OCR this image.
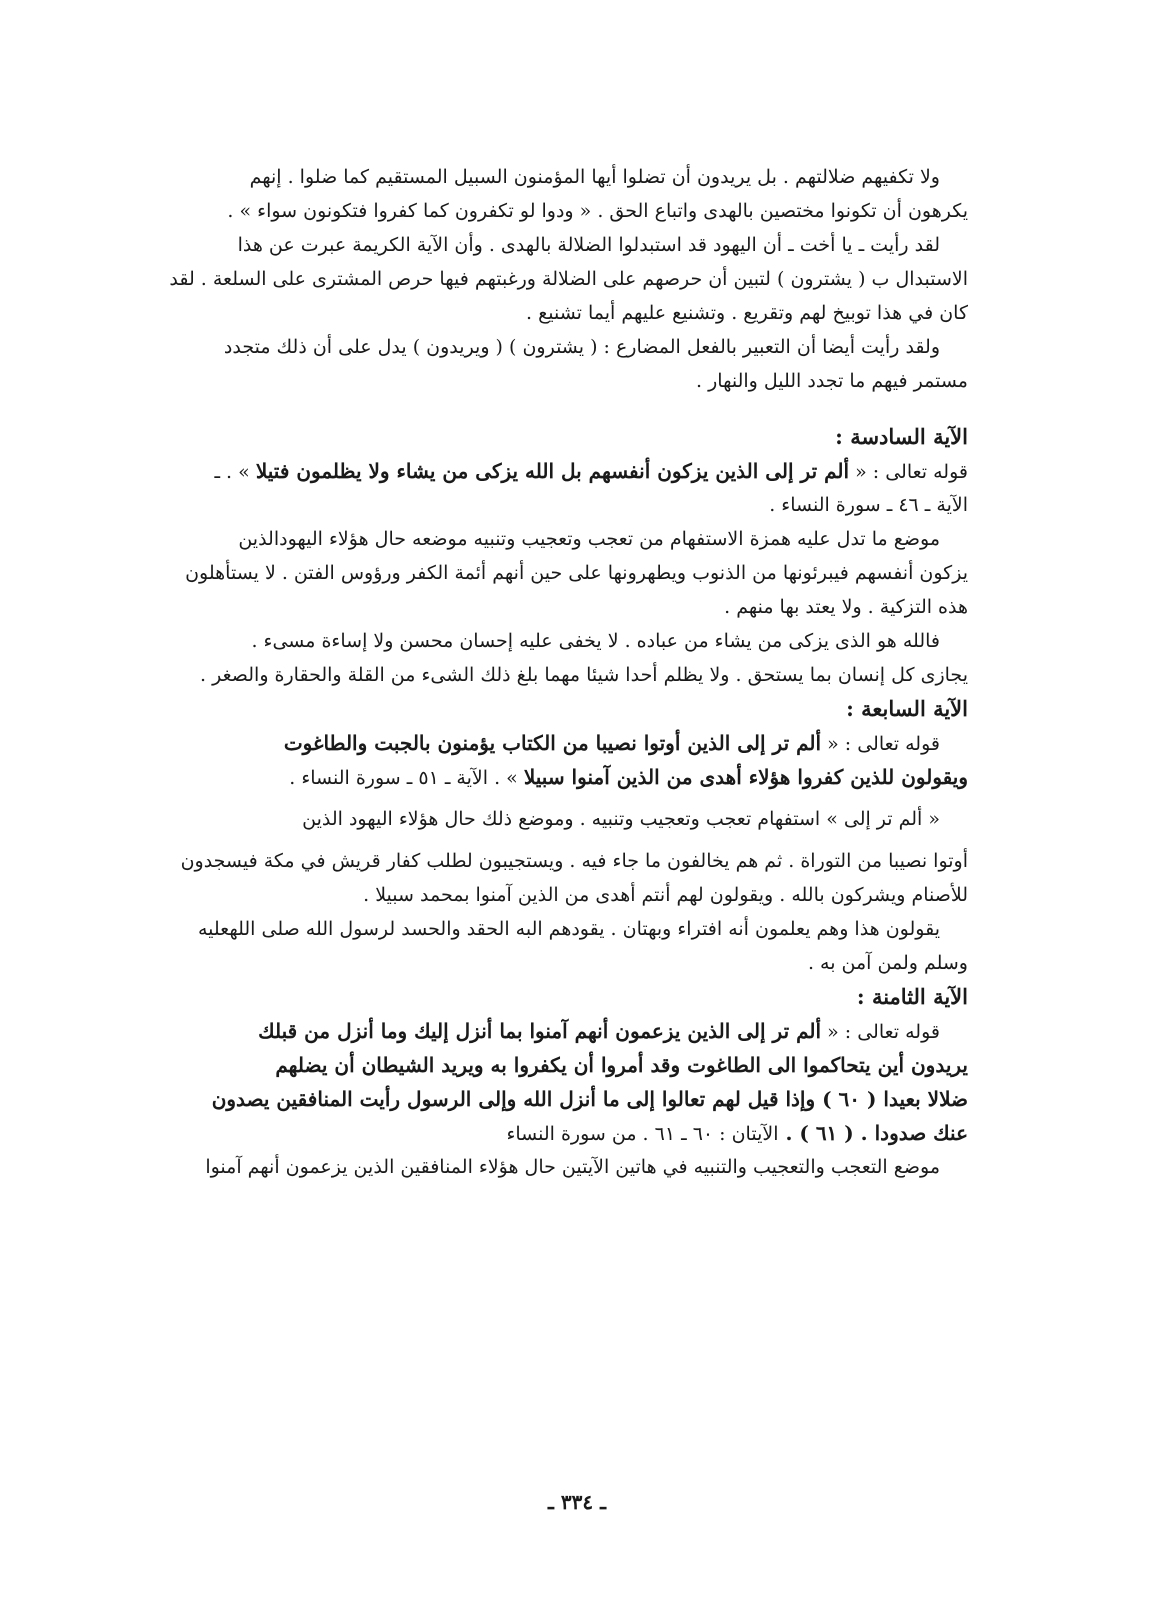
ولا تكفيهم ضلالتهم . بل يريدون أن تضلوا أيها المؤمنون السبيل المستقيم كما ضلوا . إنهم
يكرهون أن تكونوا مختصين بالهدى واتباع الحق . « ودوا لو تكفرون كما كفروا فتكونون سواء » .
لقد رأيت ـ يا أخت ـ أن اليهود قد استبدلوا الضلالة بالهدى . وأن الآية الكريمة عبرت عن هذا
الاستبدال ب ( يشترون ) لتبين أن حرصهم على الضلالة ورغبتهم فيها حرص المشترى على السلعة . لقد
كان في هذا توبيخ لهم وتقريع . وتشنيع عليهم أيما تشنيع .
ولقد رأيت أيضا أن التعبير بالفعل المضارع : ( يشترون ) ( ويريدون ) يدل على أن ذلك متجدد
مستمر فيهم ما تجدد الليل والنهار .
الآية السادسة :
قوله تعالى : « ألم تر إلى الذين يزكون أنفسهم بل الله يزكى من يشاء ولا يظلمون فتيلا » . ـ
الآية ـ ٤٦ ـ سورة النساء .
موضع ما تدل عليه همزة الاستفهام من تعجب وتعجيب وتنبيه موضعه حال هؤلاء اليهودالذين
يزكون أنفسهم فيبرئونها من الذنوب ويطهرونها على حين أنهم أئمة الكفر ورؤوس الفتن . لا يستأهلون
هذه التزكية . ولا يعتد بها منهم .
فالله هو الذى يزكى من يشاء من عباده . لا يخفى عليه إحسان محسن ولا إساءة مسىء .
يجازى كل إنسان بما يستحق . ولا يظلم أحدا شيئا مهما بلغ ذلك الشىء من القلة والحقارة والصغر .
الآية السابعة :
قوله تعالى : « ألم تر إلى الذين أوتوا نصيبا من الكتاب يؤمنون بالجبت والطاغوت
ويقولون للذين كفروا هؤلاء أهدى من الذين آمنوا سبيلا » . الآية ـ ٥١ ـ سورة النساء .
« ألم تر إلى » استفهام تعجب وتعجيب وتنبيه . وموضع ذلك حال هؤلاء اليهود الذين
أوتوا نصيبا من التوراة . ثم هم يخالفون ما جاء فيه . ويستجيبون لطلب كفار قريش في مكة فيسجدون
للأصنام ويشركون بالله . ويقولون لهم أنتم أهدى من الذين آمنوا بمحمد سبيلا .
يقولون هذا وهم يعلمون أنه افتراء وبهتان . يقودهم البه الحقد والحسد لرسول الله صلى اللهعليه
وسلم ولمن آمن به .
الآية الثامنة :
قوله تعالى : « ألم تر إلى الذين يزعمون أنهم آمنوا بما أنزل إليك وما أنزل من قبلك
يريدون أين يتحاكموا الى الطاغوت وقد أمروا أن يكفروا به ويريد الشيطان أن يضلهم
ضلالا بعيدا ( ٦٠ ) وإذا قيل لهم تعالوا إلى ما أنزل الله وإلى الرسول رأيت المنافقين يصدون
عنك صدودا . ( ٦١ ) . الآيتان : ٦٠ ـ ٦١ . من سورة النساء
موضع التعجب والتعجيب والتنبيه في هاتين الآيتين حال هؤلاء المنافقين الذين يزعمون أنهم آمنوا
ـ ٣٣٤ ـ
